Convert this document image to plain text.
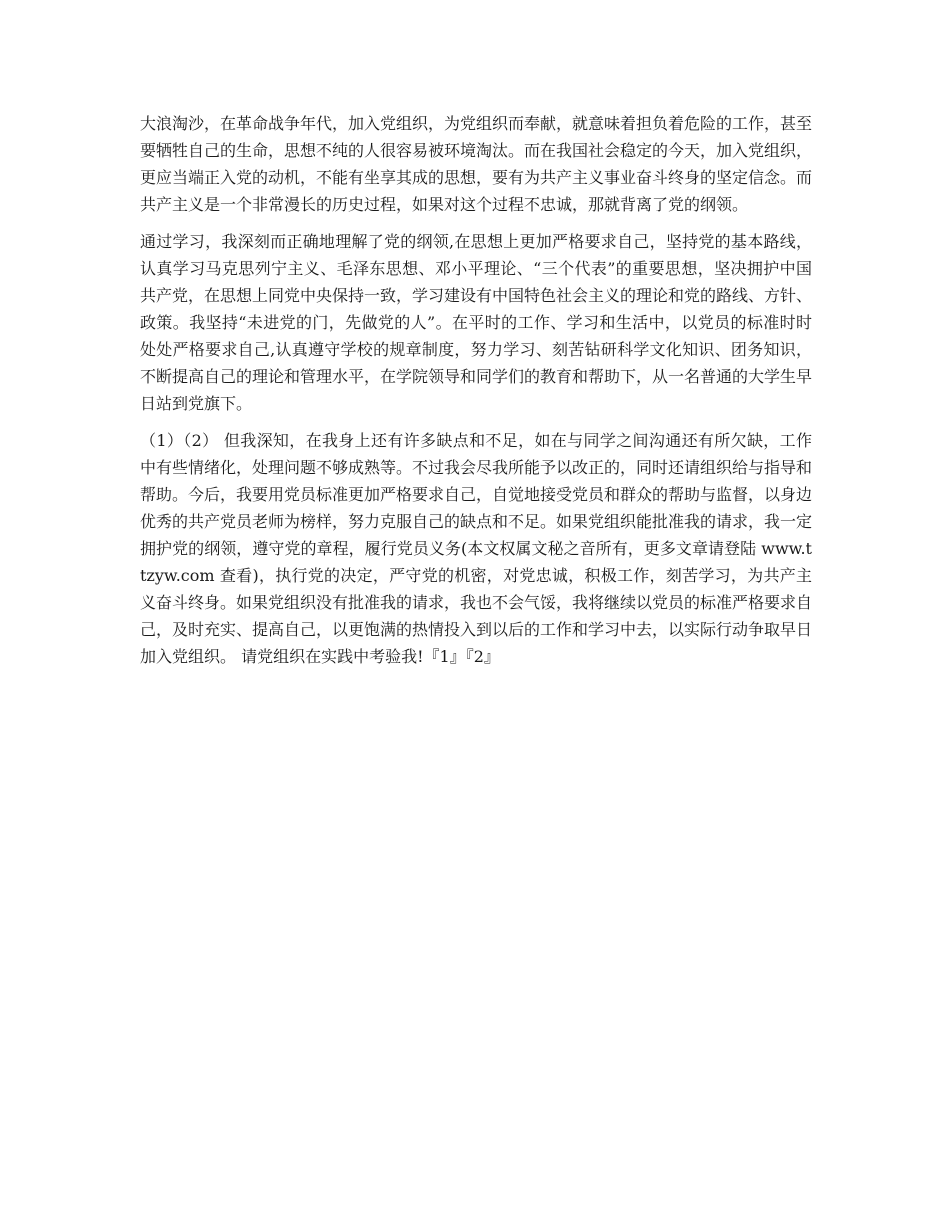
大浪淘沙，在革命战争年代，加入党组织，为党组织而奉献，就意味着担负着危险的工作，甚至要牺牲自己的生命，思想不纯的人很容易被环境淘汰。而在我国社会稳定的今天，加入党组织，更应当端正入党的动机，不能有坐享其成的思想，要有为共产主义事业奋斗终身的坚定信念。而共产主义是一个非常漫长的历史过程，如果对这个过程不忠诚，那就背离了党的纲领。

通过学习，我深刻而正确地理解了党的纲领,在思想上更加严格要求自己，坚持党的基本路线，认真学习马克思列宁主义、毛泽东思想、邓小平理论、“三个代表”的重要思想，坚决拥护中国共产党，在思想上同党中央保持一致，学习建设有中国特色社会主义的理论和党的路线、方针、政策。我坚持“未进党的门，先做党的人”。在平时的工作、学习和生活中，以党员的标准时时处处严格要求自己,认真遵守学校的规章制度，努力学习、刻苦钻研科学文化知识、团务知识，不断提高自己的理论和管理水平，在学院领导和同学们的教育和帮助下，从一名普通的大学生早日站到党旗下。

（1）（2） 但我深知，在我身上还有许多缺点和不足，如在与同学之间沟通还有所欠缺，工作中有些情绪化，处理问题不够成熟等。不过我会尽我所能予以改正的，同时还请组织给与指导和帮助。今后，我要用党员标准更加严格要求自己，自觉地接受党员和群众的帮助与监督，以身边优秀的共产党员老师为榜样，努力克服自己的缺点和不足。如果党组织能批准我的请求，我一定拥护党的纲领，遵守党的章程，履行党员义务(本文权属文秘之音所有，更多文章请登陆 www.ttzyw.com 查看)，执行党的决定，严守党的机密，对党忠诚，积极工作，刻苦学习，为共产主义奋斗终身。如果党组织没有批准我的请求，我也不会气馁，我将继续以党员的标准严格要求自己，及时充实、提高自己，以更饱满的热情投入到以后的工作和学习中去，以实际行动争取早日加入党组织。 请党组织在实践中考验我!『1』『2』
